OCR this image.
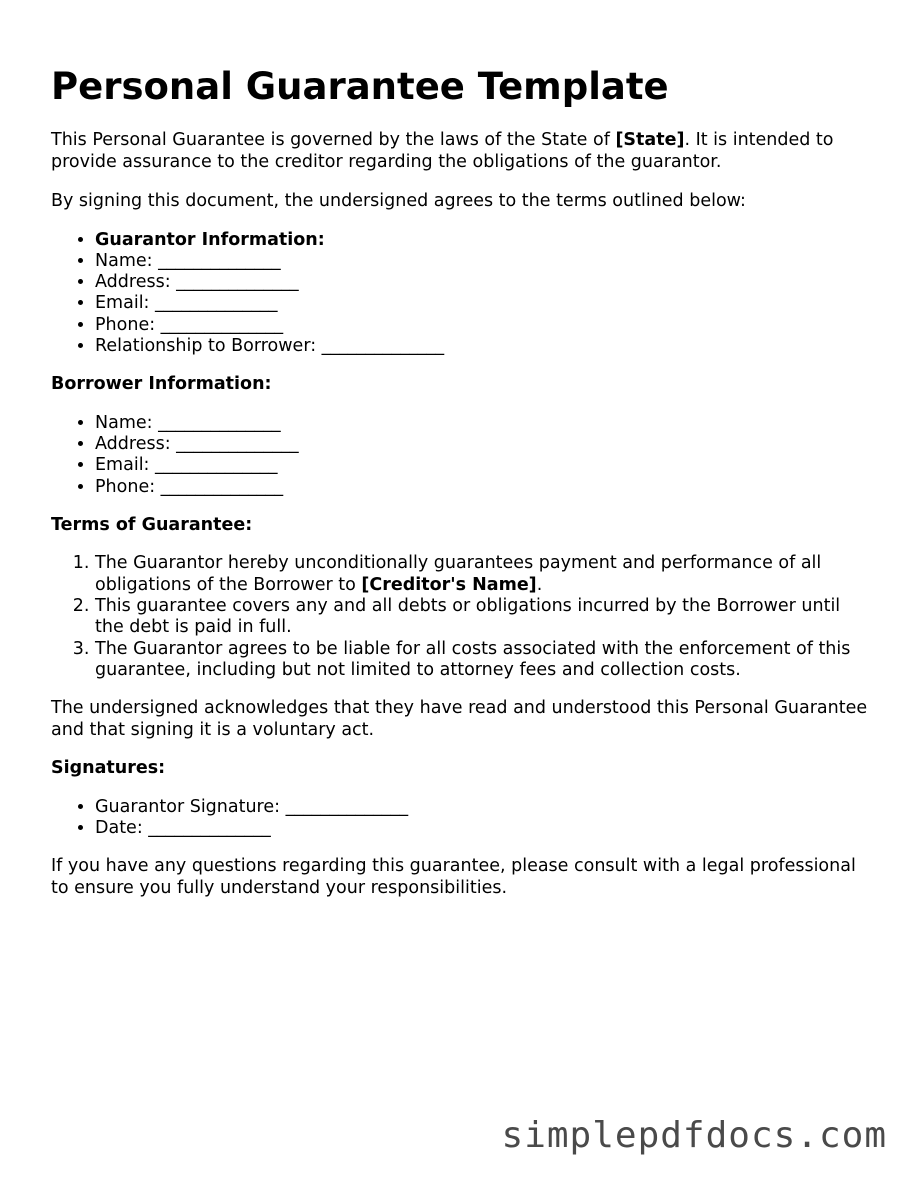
Personal Guarantee Template

This Personal Guarantee is governed by the laws of the State of [State]. It is intended to provide assurance to the creditor regarding the obligations of the guarantor.

By signing this document, the undersigned agrees to the terms outlined below:

• Guarantor Information:
• Name: ______________
• Address: ______________
• Email: ______________
• Phone: ______________
• Relationship to Borrower: ______________

Borrower Information:

• Name: ______________
• Address: ______________
• Email: ______________
• Phone: ______________

Terms of Guarantee:

1. The Guarantor hereby unconditionally guarantees payment and performance of all obligations of the Borrower to [Creditor's Name].
2. This guarantee covers any and all debts or obligations incurred by the Borrower until the debt is paid in full.
3. The Guarantor agrees to be liable for all costs associated with the enforcement of this guarantee, including but not limited to attorney fees and collection costs.

The undersigned acknowledges that they have read and understood this Personal Guarantee and that signing it is a voluntary act.

Signatures:

• Guarantor Signature: ______________
• Date: ______________

If you have any questions regarding this guarantee, please consult with a legal professional to ensure you fully understand your responsibilities.

simplepdfdocs.com
